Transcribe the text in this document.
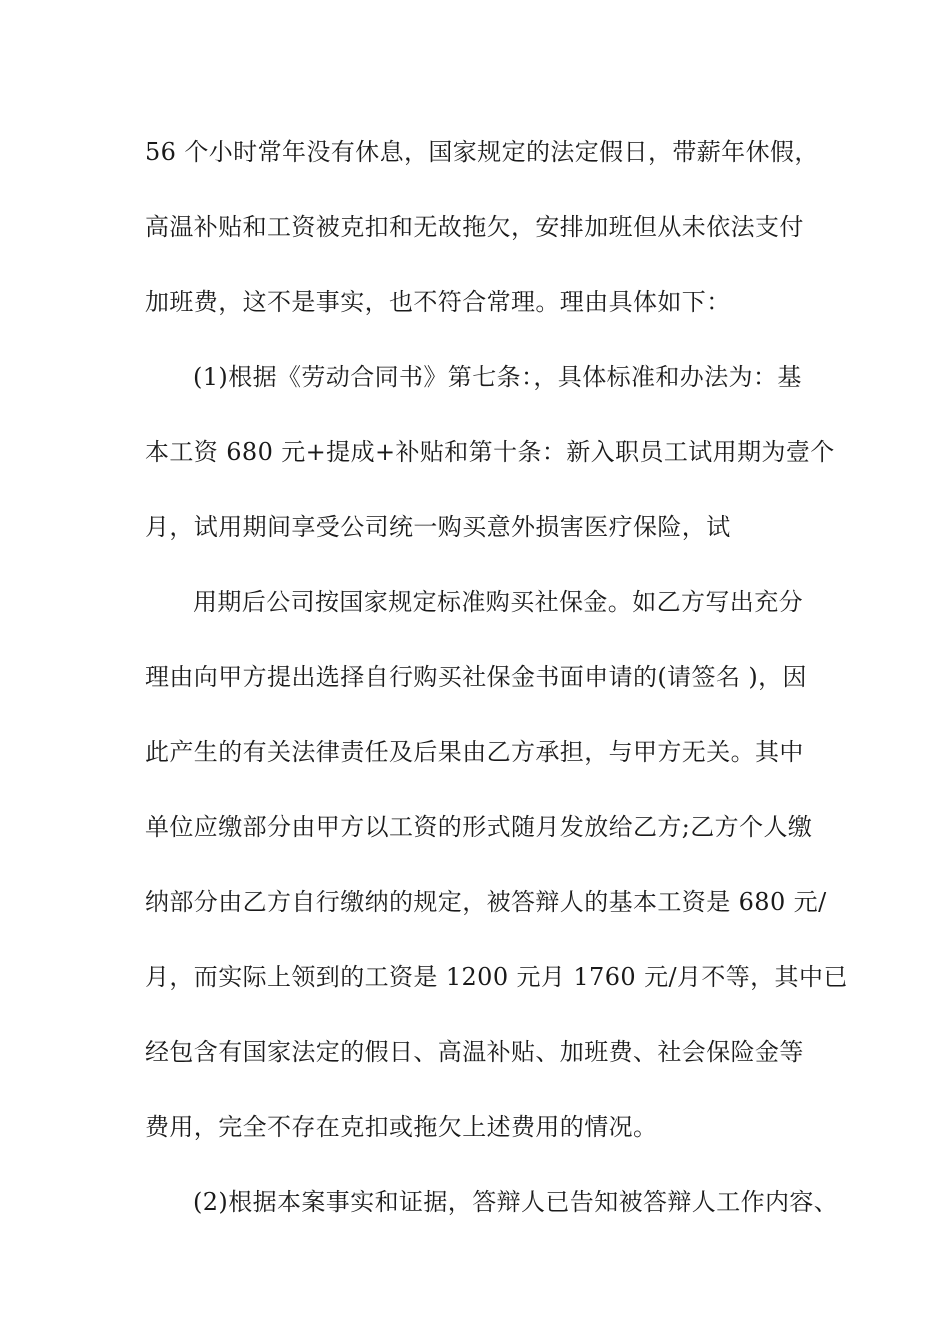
56 个小时常年没有休息，国家规定的法定假日，带薪年休假，
高温补贴和工资被克扣和无故拖欠，安排加班但从未依法支付
加班费，这不是事实，也不符合常理。理由具体如下：
(1)根据《劳动合同书》第七条：，具体标准和办法为：基
本工资 680 元+提成+补贴和第十条：新入职员工试用期为壹个
月，试用期间享受公司统一购买意外损害医疗保险，试
用期后公司按国家规定标准购买社保金。如乙方写出充分
理由向甲方提出选择自行购买社保金书面申请的(请签名 )，因
此产生的有关法律责任及后果由乙方承担，与甲方无关。其中
单位应缴部分由甲方以工资的形式随月发放给乙方;乙方个人缴
纳部分由乙方自行缴纳的规定，被答辩人的基本工资是 680 元/
月，而实际上领到的工资是 1200 元月 1760 元/月不等，其中已
经包含有国家法定的假日、高温补贴、加班费、社会保险金等
费用，完全不存在克扣或拖欠上述费用的情况。
(2)根据本案事实和证据，答辩人已告知被答辩人工作内容、
